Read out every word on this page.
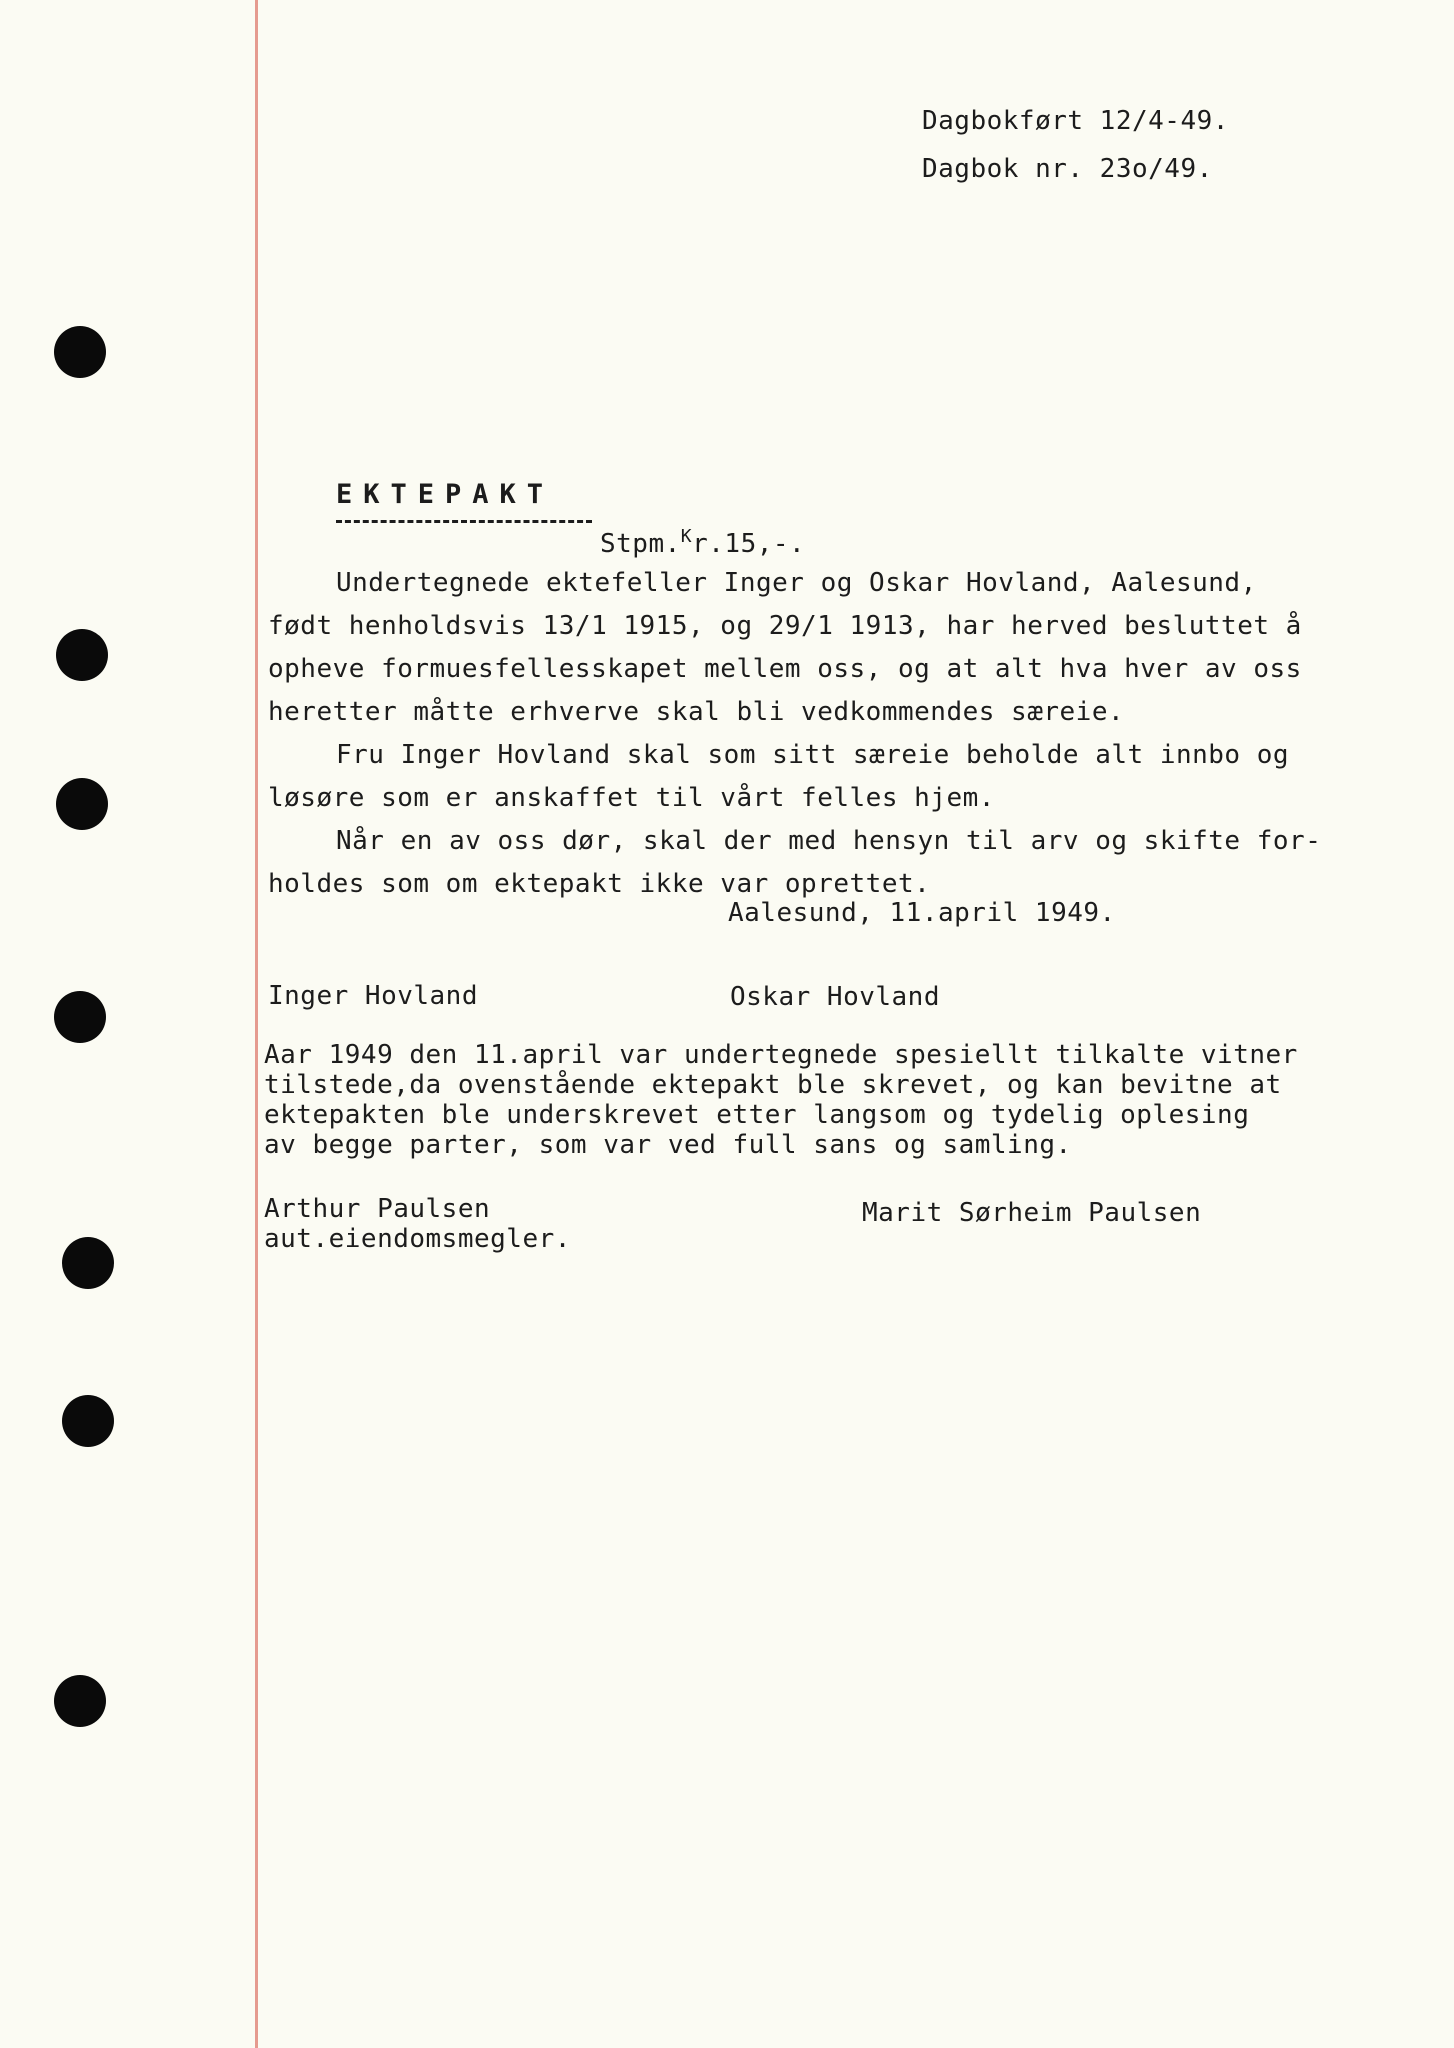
Dagbokført 12/4-49.
Dagbok nr. 23o/49.
EKTEPAKT
Stpm.$^K$r.15,-.
Undertegnede ektefeller Inger og Oskar Hovland, Aalesund,
født henholdsvis 13/1 1915, og 29/1 1913, har herved besluttet å
opheve formuesfellesskapet mellem oss, og at alt hva hver av oss
heretter måtte erhverve skal bli vedkommendes særeie.
Fru Inger Hovland skal som sitt særeie beholde alt innbo og
løsøre som er anskaffet til vårt felles hjem.
Når en av oss dør, skal der med hensyn til arv og skifte for-
holdes som om ektepakt ikke var oprettet.
Aalesund, 11.april 1949.
Inger Hovland	Oskar Hovland
Aar 1949 den 11.april var undertegnede spesiellt tilkalte vitner
tilstede,da ovenstående ektepakt ble skrevet, og kan bevitne at
ektepakten ble underskrevet etter langsom og tydelig oplesing
av begge parter, som var ved full sans og samling.
Arthur Paulsen
aut.eiendomsmegler.
Marit Sørheim Paulsen
